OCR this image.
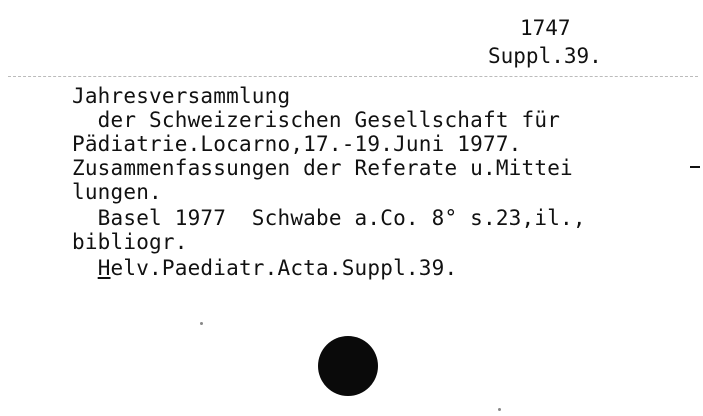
1747
Suppl.39.
Jahresversammlung
der Schweizerischen Gesellschaft für
Pädiatrie.Locarno,17.-19.Juni 1977.
Zusammenfassungen der Referate u.Mittei
lungen.
Basel 1977  Schwabe a.Co. 8° s.23,il.,
bibliogr.
Helv.Paediatr.Acta.Suppl.39.
